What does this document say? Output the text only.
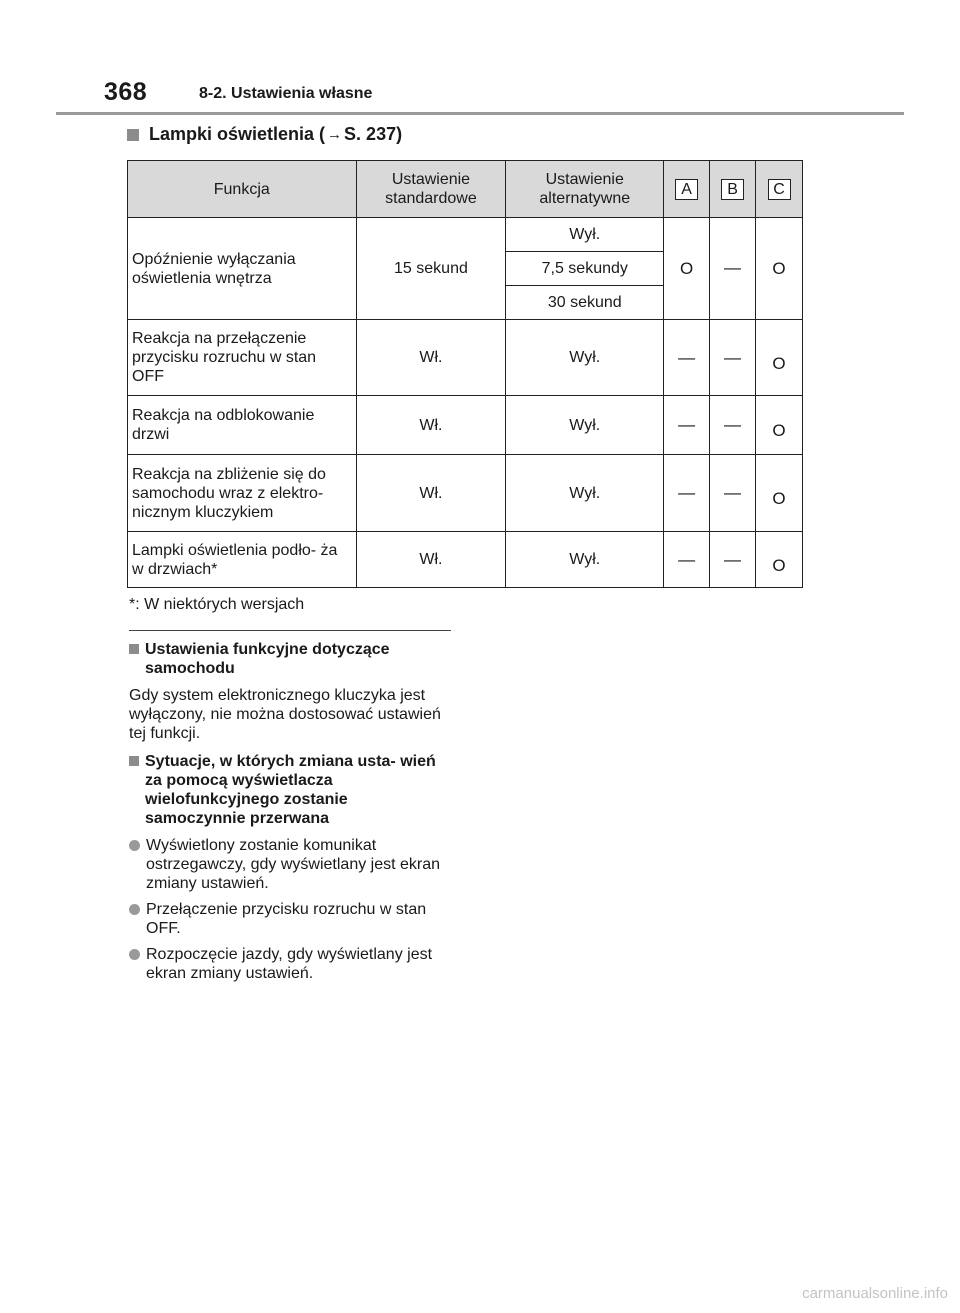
368	8-2. Ustawienia własne
Lampki oświetlenia ( → S. 237)
Funkcja	Ustawienie standardowe	Ustawienie alternatywne	A	B	C
Opóźnienie wyłączania oświetlenia wnętrza	15 sekund	Wył.	O	—	O
		7,5 sekundy			
		30 sekund			
Reakcja na przełączenie przycisku rozruchu w stan OFF	Wł.	Wył.	—	—	O
Reakcja na odblokowanie drzwi	Wł.	Wył.	—	—	O
Reakcja na zbliżenie się do samochodu wraz z elektro- nicznym kluczykiem	Wł.	Wył.	—	—	O
Lampki oświetlenia podło- ża w drzwiach*	Wł.	Wył.	—	—	O
*: W niektórych wersjach
Ustawienia funkcyjne dotyczące samochodu
Gdy system elektronicznego kluczyka jest wyłączony, nie można dostosować ustawień tej funkcji.
Sytuacje, w których zmiana usta- wień za pomocą wyświetlacza wielofunkcyjnego zostanie samoczynnie przerwana
Wyświetlony zostanie komunikat ostrzegawczy, gdy wyświetlany jest ekran zmiany ustawień.
Przełączenie przycisku rozruchu w stan OFF.
Rozpoczęcie jazdy, gdy wyświetlany jest ekran zmiany ustawień.
carmanualsonline.info
